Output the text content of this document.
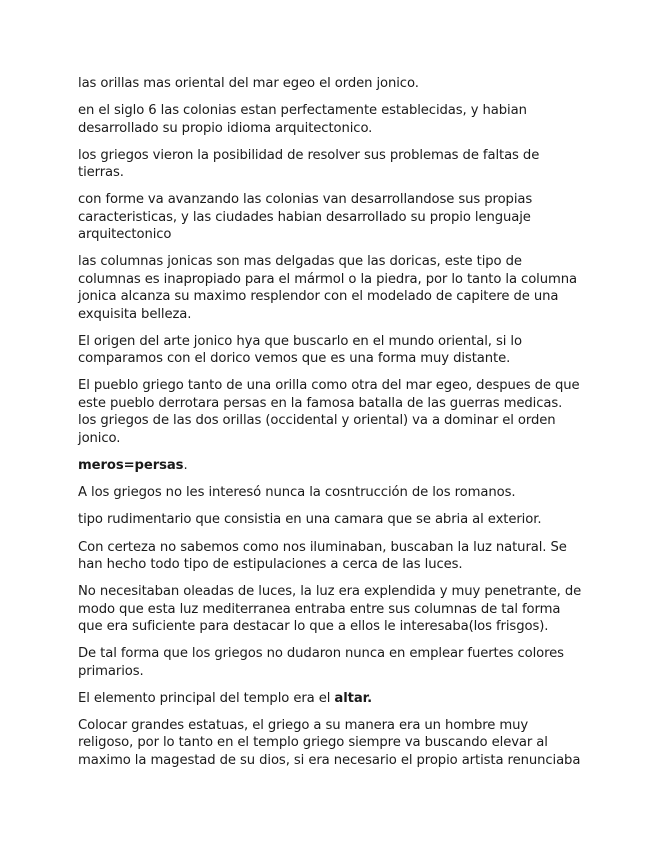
las orillas mas oriental del mar egeo el orden jonico.

en el siglo 6 las colonias estan perfectamente establecidas, y habian desarrollado su propio idioma arquitectonico.

los griegos vieron la posibilidad de resolver sus problemas de faltas de tierras.

con forme va avanzando las colonias van desarrollandose sus propias caracteristicas, y las ciudades habian desarrollado su propio lenguaje arquitectonico

las columnas jonicas son mas delgadas que las doricas, este tipo de columnas es inapropiado para el mármol o la piedra, por lo tanto la columna jonica alcanza su maximo resplendor con el modelado de capitere de una exquisita belleza.

El origen del arte jonico hya que buscarlo en el mundo oriental, si lo comparamos con el dorico vemos que es una forma muy distante.

El pueblo griego tanto de una orilla como otra del mar egeo, despues de que este pueblo derrotara persas en la famosa batalla de las guerras medicas. los griegos de las dos orillas (occidental y oriental) va a dominar el orden jonico.

meros=persas.

A los griegos no les interesó nunca la cosntrucción de los romanos.

tipo rudimentario que consistia en una camara que se abria al exterior.

Con certeza no sabemos como nos iluminaban, buscaban la luz natural. Se han hecho todo tipo de estipulaciones a cerca de las luces.

No necesitaban oleadas de luces, la luz era explendida y muy penetrante, de modo que esta luz mediterranea entraba entre sus columnas de tal forma que era suficiente para destacar lo que a ellos le interesaba(los frisgos).

De tal forma que los griegos no dudaron nunca en emplear fuertes colores primarios.

El elemento principal del templo era el altar.

Colocar grandes estatuas, el griego a su manera era un hombre muy religoso, por lo tanto en el templo griego siempre va buscando elevar al maximo la magestad de su dios, si era necesario el propio artista renunciaba
